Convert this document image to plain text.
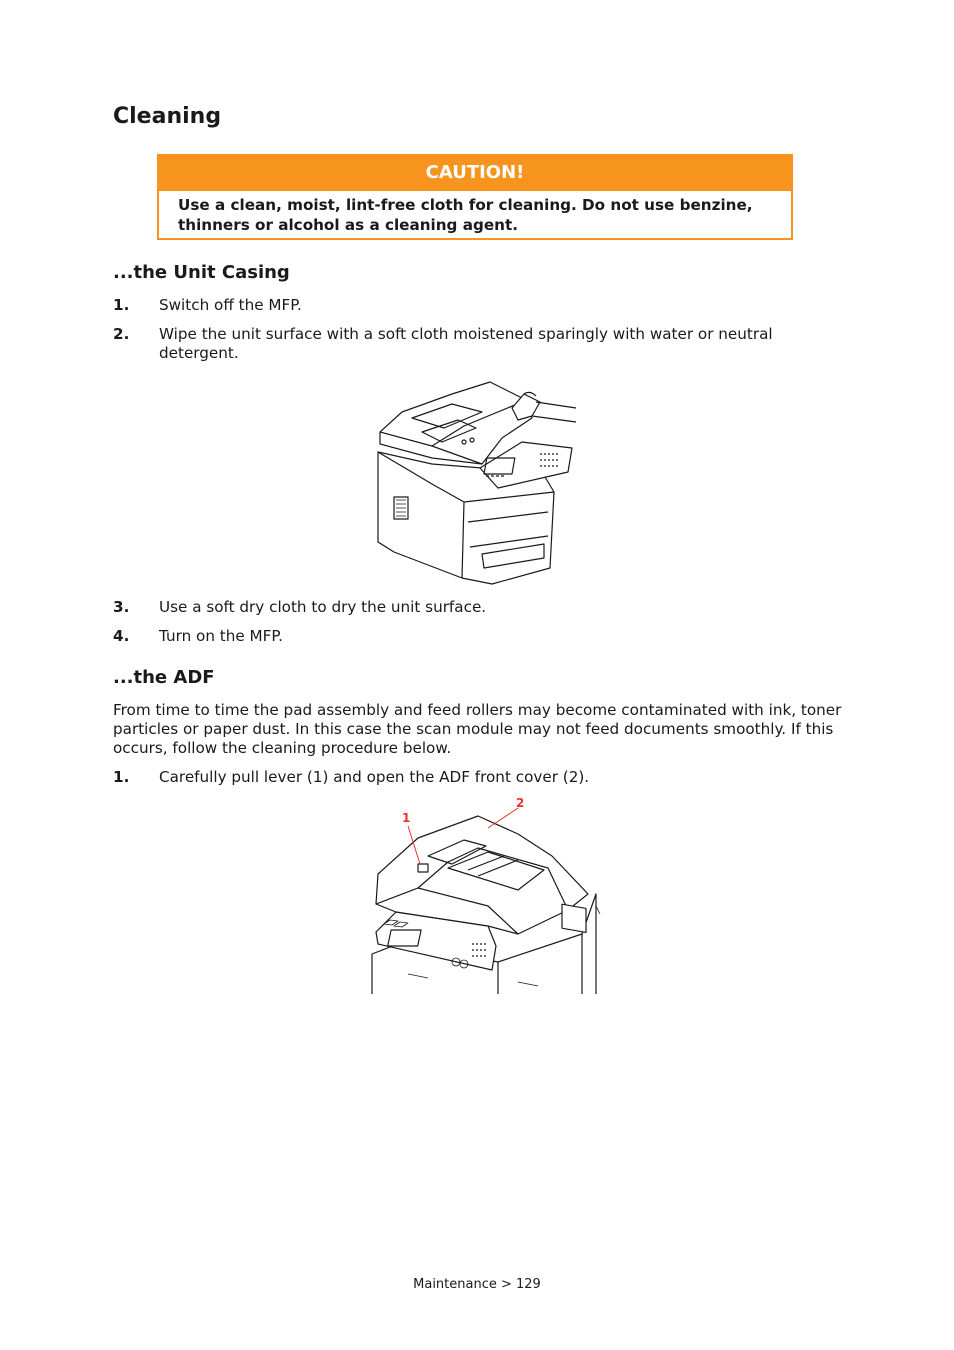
Cleaning
CAUTION!
Use a clean, moist, lint-free cloth for cleaning. Do not use benzine, thinners or alcohol as a cleaning agent.
...the Unit Casing
1. Switch off the MFP.
2. Wipe the unit surface with a soft cloth moistened sparingly with water or neutral detergent.
3. Use a soft dry cloth to dry the unit surface.
4. Turn on the MFP.
...the ADF

From time to time the pad assembly and feed rollers may become contaminated with ink, toner particles or paper dust. In this case the scan module may not feed documents smoothly. If this occurs, follow the cleaning procedure below.

1. Carefully pull lever (1) and open the ADF front cover (2).
1
2
Maintenance > 129
